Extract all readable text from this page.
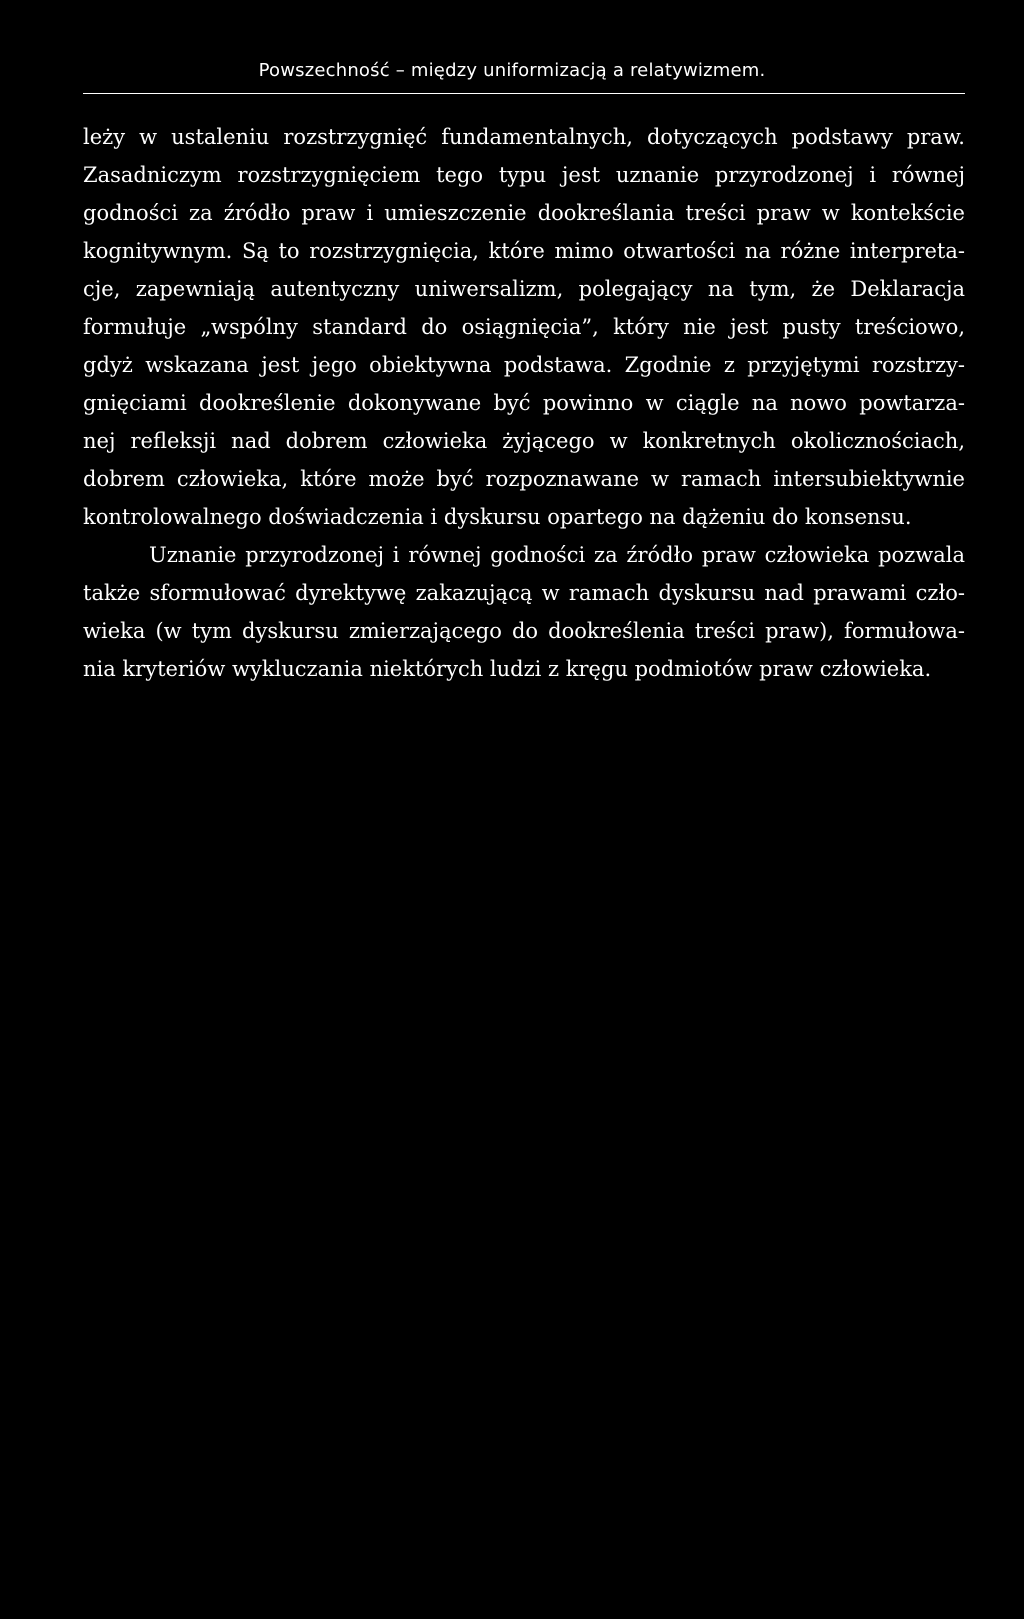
Powszechność – między uniformizacją a relatywizmem.
leży w ustaleniu rozstrzygnięć fundamentalnych, dotyczących podstawy praw.
Zasadniczym rozstrzygnięciem tego typu jest uznanie przyrodzonej i równej
godności za źródło praw i umieszczenie dookreślania treści praw w kontekście
kognitywnym. Są to rozstrzygnięcia, które mimo otwartości na różne interpreta-
cje, zapewniają autentyczny uniwersalizm, polegający na tym, że Deklaracja
formułuje „wspólny standard do osiągnięcia”, który nie jest pusty treściowo,
gdyż wskazana jest jego obiektywna podstawa. Zgodnie z przyjętymi rozstrzy-
gnięciami dookreślenie dokonywane być powinno w ciągle na nowo powtarza-
nej refleksji nad dobrem człowieka żyjącego w konkretnych okolicznościach,
dobrem człowieka, które może być rozpoznawane w ramach intersubiektywnie
kontrolowalnego doświadczenia i dyskursu opartego na dążeniu do konsensu.
Uznanie przyrodzonej i równej godności za źródło praw człowieka pozwala
także sformułować dyrektywę zakazującą w ramach dyskursu nad prawami czło-
wieka (w tym dyskursu zmierzającego do dookreślenia treści praw), formułowa-
nia kryteriów wykluczania niektórych ludzi z kręgu podmiotów praw człowieka.
